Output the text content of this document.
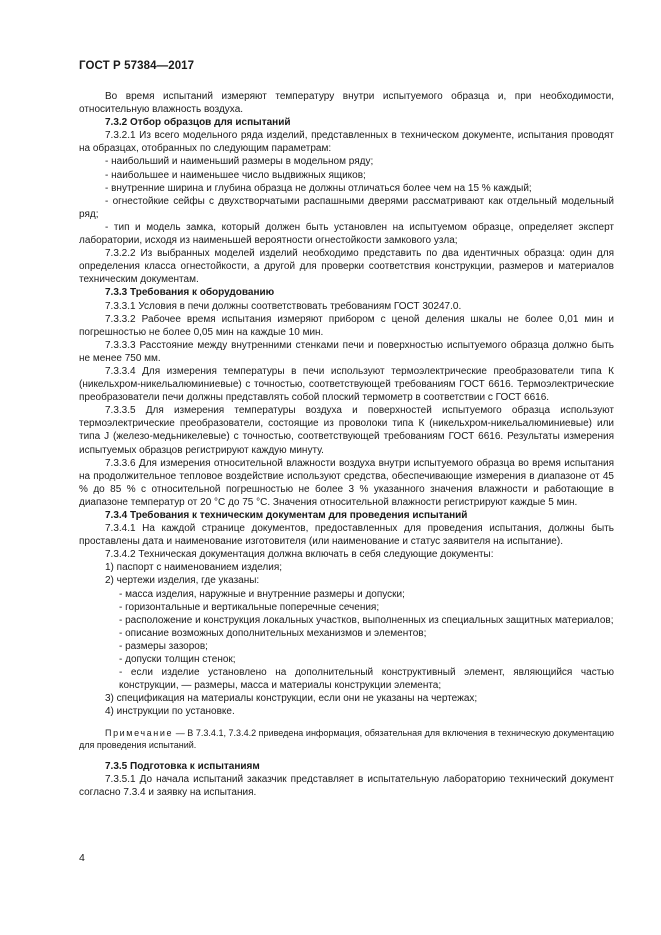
ГОСТ Р 57384—2017

Во время испытаний измеряют температуру внутри испытуемого образца и, при необходимости, относительную влажность воздуха.

7.3.2 Отбор образцов для испытаний

7.3.2.1 Из всего модельного ряда изделий, представленных в техническом документе, испытания проводят на образцах, отобранных по следующим параметрам:

- наибольший и наименьший размеры в модельном ряду;

- наибольшее и наименьшее число выдвижных ящиков;

- внутренние ширина и глубина образца не должны отличаться более чем на 15 % каждый;

- огнестойкие сейфы с двухстворчатыми распашными дверями рассматривают как отдельный модельный ряд;

- тип и модель замка, который должен быть установлен на испытуемом образце, определяет эксперт лаборатории, исходя из наименьшей вероятности огнестойкости замкового узла;

7.3.2.2 Из выбранных моделей изделий необходимо представить по два идентичных образца: один для определения класса огнестойкости, а другой для проверки соответствия конструкции, размеров и материалов техническим документам.

7.3.3 Требования к оборудованию

7.3.3.1 Условия в печи должны соответствовать требованиям ГОСТ 30247.0.

7.3.3.2 Рабочее время испытания измеряют прибором с ценой деления шкалы не более 0,01 мин и погрешностью не более 0,05 мин на каждые 10 мин.

7.3.3.3 Расстояние между внутренними стенками печи и поверхностью испытуемого образца должно быть не менее 750 мм.

7.3.3.4 Для измерения температуры в печи используют термоэлектрические преобразователи типа К (никельхром-никельалюминиевые) с точностью, соответствующей требованиям ГОСТ 6616. Термоэлектрические преобразователи печи должны представлять собой плоский термометр в соответствии с ГОСТ 6616.

7.3.3.5 Для измерения температуры воздуха и поверхностей испытуемого образца используют термоэлектрические преобразователи, состоящие из проволоки типа К (никельхром-никельалюминиевые) или типа J (железо-медьникелевые) с точностью, соответствующей требованиям ГОСТ 6616. Результаты измерения испытуемых образцов регистрируют каждую минуту.

7.3.3.6 Для измерения относительной влажности воздуха внутри испытуемого образца во время испытания на продолжительное тепловое воздействие используют средства, обеспечивающие измерения в диапазоне от 45 % до 85 % с относительной погрешностью не более 3 % указанного значения влажности и работающие в диапазоне температур от 20 °С до 75 °С. Значения относительной влажности регистрируют каждые 5 мин.

7.3.4 Требования к техническим документам для проведения испытаний

7.3.4.1 На каждой странице документов, предоставленных для проведения испытания, должны быть проставлены дата и наименование изготовителя (или наименование и статус заявителя на испытание).

7.3.4.2 Техническая документация должна включать в себя следующие документы:

1) паспорт с наименованием изделия;

2) чертежи изделия, где указаны:

- масса изделия, наружные и внутренние размеры и допуски;

- горизонтальные и вертикальные поперечные сечения;

- расположение и конструкция локальных участков, выполненных из специальных защитных материалов;

- описание возможных дополнительных механизмов и элементов;

- размеры зазоров;

- допуски толщин стенок;

- если изделие установлено на дополнительный конструктивный элемент, являющийся частью конструкции, — размеры, масса и материалы конструкции элемента;

3) спецификация на материалы конструкции, если они не указаны на чертежах;

4) инструкции по установке.

Примечание — В 7.3.4.1, 7.3.4.2 приведена информация, обязательная для включения в техническую документацию для проведения испытаний.

7.3.5 Подготовка к испытаниям

7.3.5.1 До начала испытаний заказчик представляет в испытательную лабораторию технический документ согласно 7.3.4 и заявку на испытания.

4
